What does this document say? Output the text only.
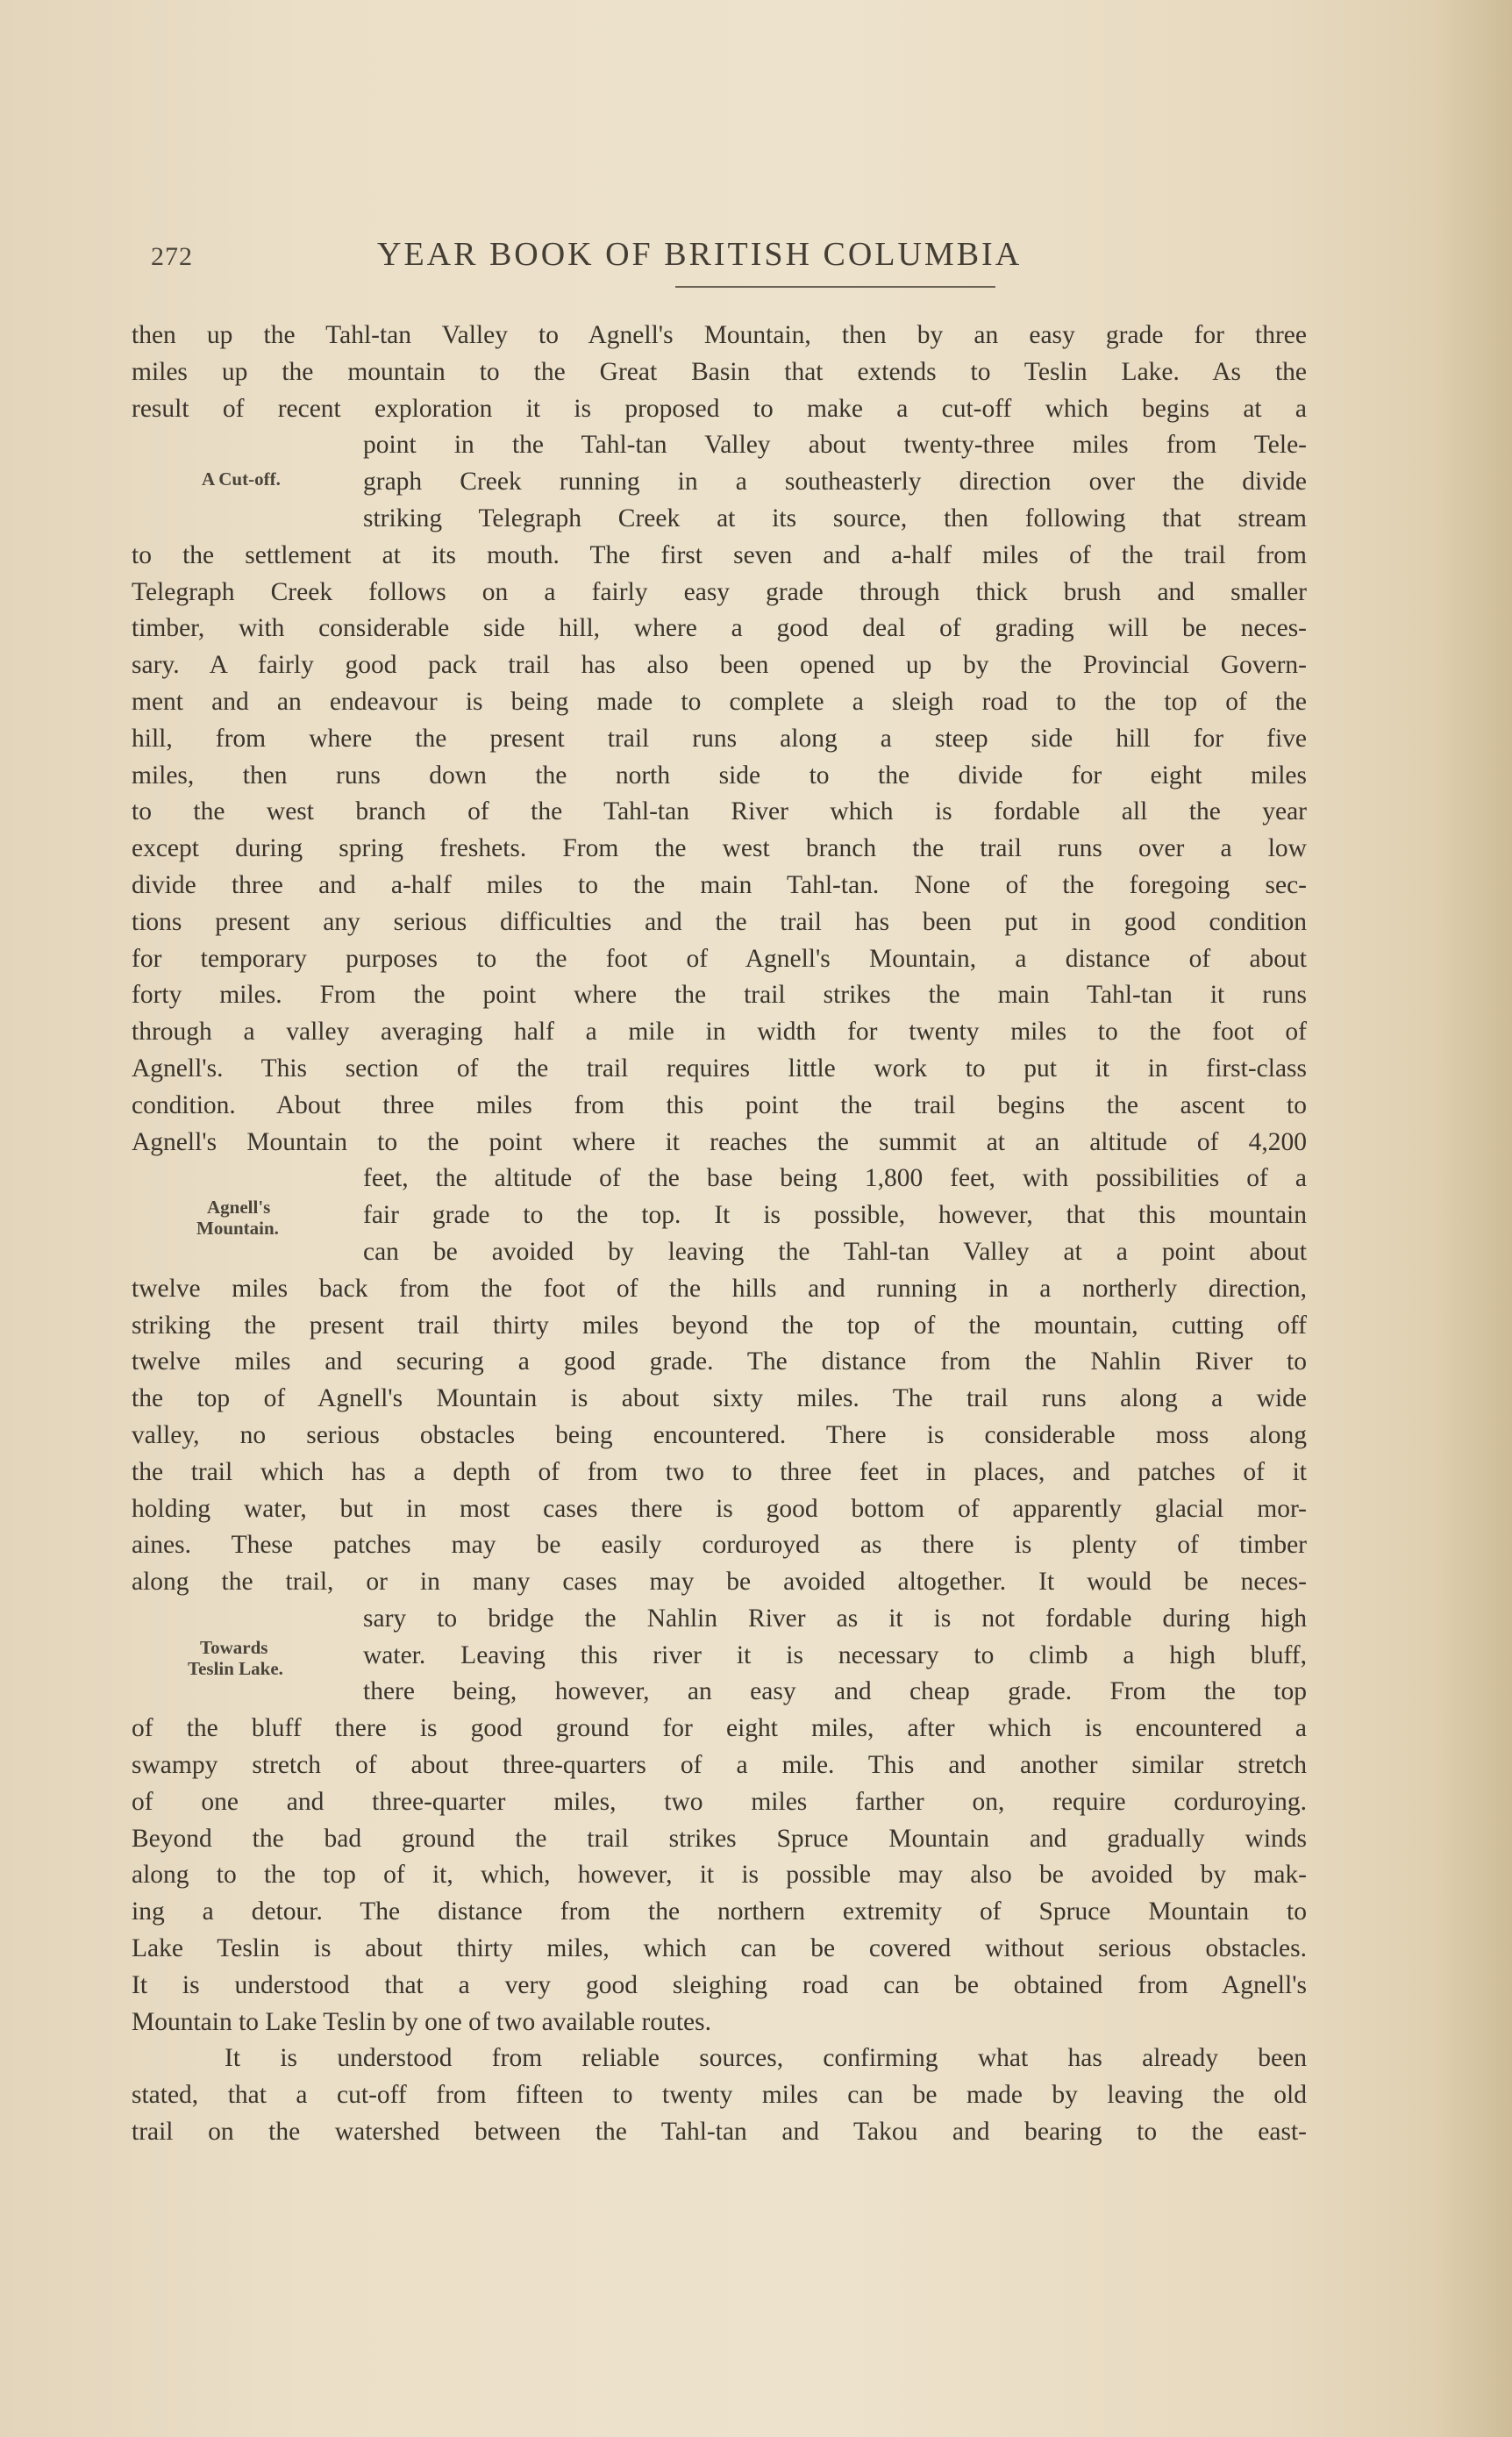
272	YEAR BOOK OF BRITISH COLUMBIA
A Cut-off.
Agnell's
Mountain.
Towards
Teslin Lake.
then up the Tahl-tan Valley to Agnell's Mountain, then by an easy grade for three
miles up the mountain to the Great Basin that extends to Teslin Lake. As the
result of recent exploration it is proposed to make a cut-off which begins at a
point in the Tahl-tan Valley about twenty-three miles from Tele-
graph Creek running in a southeasterly direction over the divide
striking Telegraph Creek at its source, then following that stream
to the settlement at its mouth. The first seven and a-half miles of the trail from
Telegraph Creek follows on a fairly easy grade through thick brush and smaller
timber, with considerable side hill, where a good deal of grading will be neces-
sary. A fairly good pack trail has also been opened up by the Provincial Govern-
ment and an endeavour is being made to complete a sleigh road to the top of the
hill, from where the present trail runs along a steep side hill for five
miles, then runs down the north side to the divide for eight miles
to the west branch of the Tahl-tan River which is fordable all the year
except during spring freshets. From the west branch the trail runs over a low
divide three and a-half miles to the main Tahl-tan. None of the foregoing sec-
tions present any serious difficulties and the trail has been put in good condition
for temporary purposes to the foot of Agnell's Mountain, a distance of about
forty miles. From the point where the trail strikes the main Tahl-tan it runs
through a valley averaging half a mile in width for twenty miles to the foot of
Agnell's. This section of the trail requires little work to put it in first-class
condition. About three miles from this point the trail begins the ascent to
Agnell's Mountain to the point where it reaches the summit at an altitude of 4,200
feet, the altitude of the base being 1,800 feet, with possibilities of a
fair grade to the top. It is possible, however, that this mountain
can be avoided by leaving the Tahl-tan Valley at a point about
twelve miles back from the foot of the hills and running in a northerly direction,
striking the present trail thirty miles beyond the top of the mountain, cutting off
twelve miles and securing a good grade. The distance from the Nahlin River to
the top of Agnell's Mountain is about sixty miles. The trail runs along a wide
valley, no serious obstacles being encountered. There is considerable moss along
the trail which has a depth of from two to three feet in places, and patches of it
holding water, but in most cases there is good bottom of apparently glacial mor-
aines. These patches may be easily corduroyed as there is plenty of timber
along the trail, or in many cases may be avoided altogether. It would be neces-
sary to bridge the Nahlin River as it is not fordable during high
water. Leaving this river it is necessary to climb a high bluff,
there being, however, an easy and cheap grade. From the top
of the bluff there is good ground for eight miles, after which is encountered a
swampy stretch of about three-quarters of a mile. This and another similar stretch
of one and three-quarter miles, two miles farther on, require corduroying.
Beyond the bad ground the trail strikes Spruce Mountain and gradually winds
along to the top of it, which, however, it is possible may also be avoided by mak-
ing a detour. The distance from the northern extremity of Spruce Mountain to
Lake Teslin is about thirty miles, which can be covered without serious obstacles.
It is understood that a very good sleighing road can be obtained from Agnell's
Mountain to Lake Teslin by one of two available routes.
It is understood from reliable sources, confirming what has already been
stated, that a cut-off from fifteen to twenty miles can be made by leaving the old
trail on the watershed between the Tahl-tan and Takou and bearing to the east-
